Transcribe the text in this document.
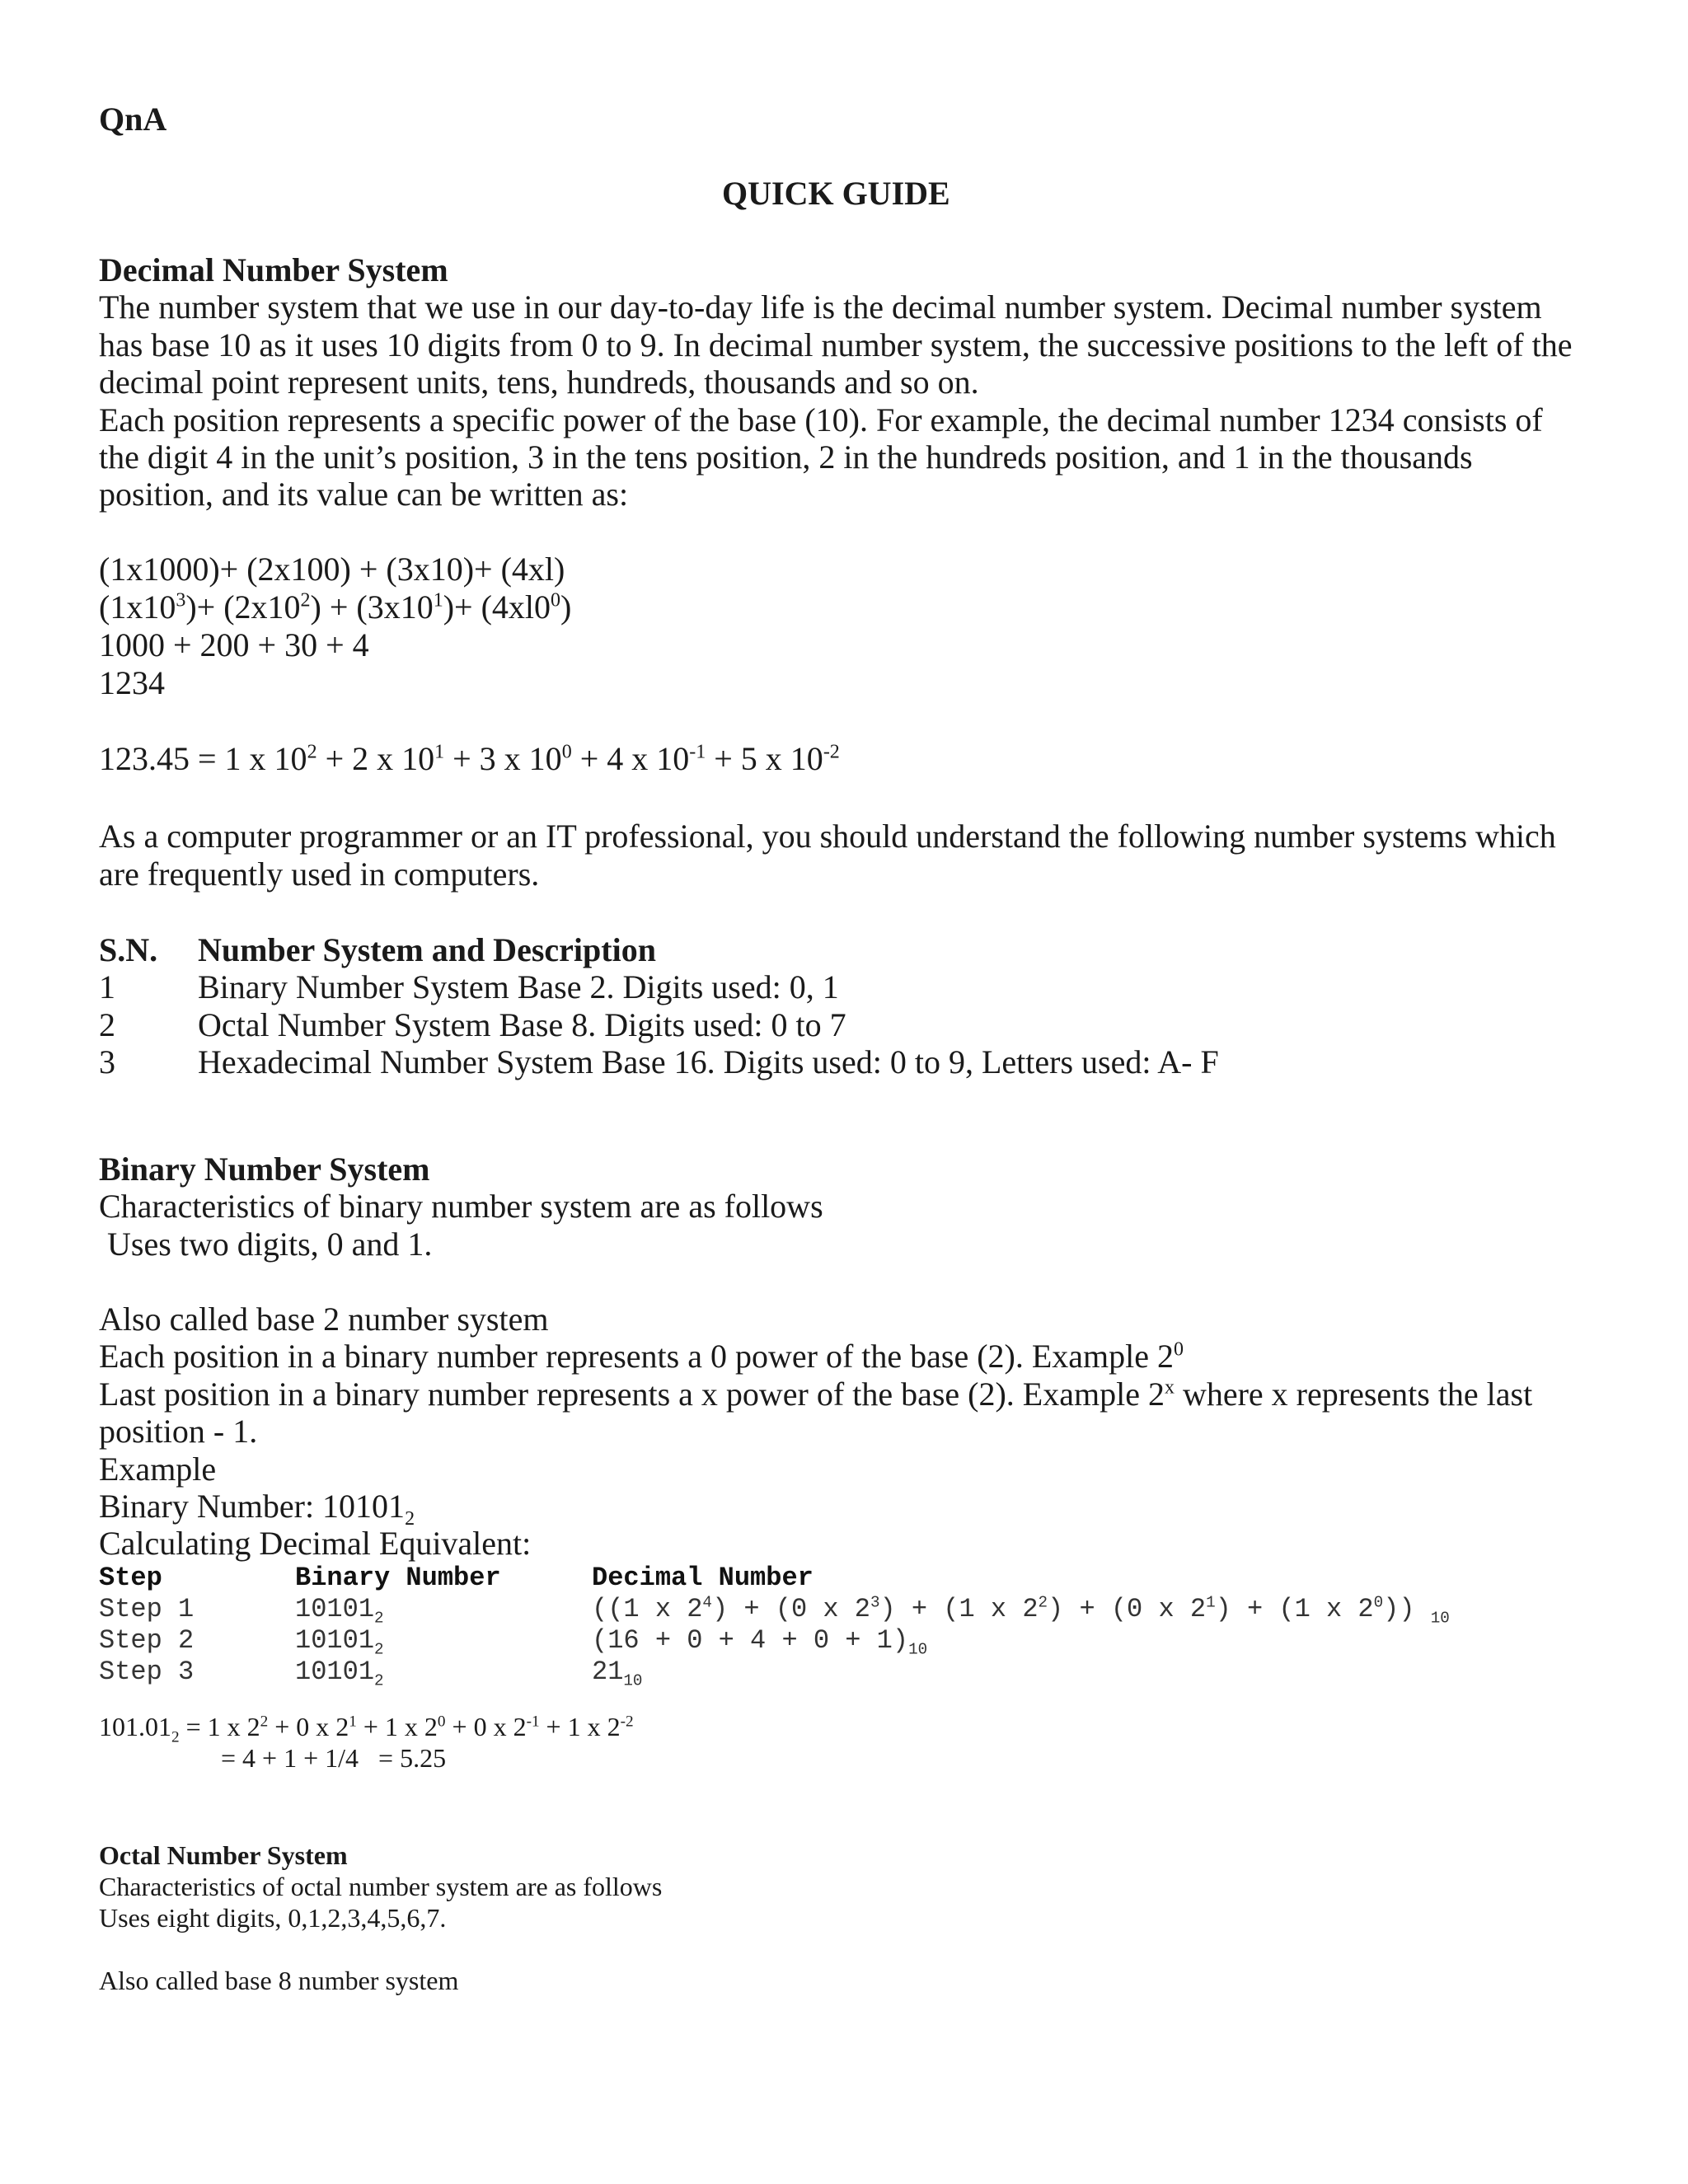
QnA
QUICK GUIDE
Decimal Number System
The number system that we use in our day-to-day life is the decimal number system. Decimal number system
has base 10 as it uses 10 digits from 0 to 9. In decimal number system, the successive positions to the left of the
decimal point represent units, tens, hundreds, thousands and so on.
Each position represents a specific power of the base (10). For example, the decimal number 1234 consists of
the digit 4 in the unit’s position, 3 in the tens position, 2 in the hundreds position, and 1 in the thousands
position, and its value can be written as:
(1x1000)+ (2x100) + (3x10)+ (4xl)
$(1x10^3)+ (2x10^2) + (3x10^1)+ (4xl0^0)$
1000 + 200 + 30 + 4
1234
123.45 = 1 x $10^2 + 2$ x $10^1 + 3$ x $10^0 + 4$ x $10^{-1} + 5$ x $10^{-2}$
As a computer programmer or an IT professional, you should understand the following number systems which
are frequently used in computers.
S.N. Number System and Description
1	Binary Number System Base 2. Digits used: 0, 1
2	Octal Number System Base 8. Digits used: 0 to 7
3	Hexadecimal Number System Base 16. Digits used: 0 to 9, Letters used: A- F
Binary Number System
Characteristics of binary number system are as follows
Uses two digits, 0 and 1.
Also called base 2 number system
Each position in a binary number represents a 0 power of the base (2). Example $2^0$
Last position in a binary number represents a x power of the base (2). Example 2$^x$ where x represents the last
position - 1.
Example
Binary Number: $10101_2$
Calculating Decimal Equivalent:
Step	Binary Number	Decimal Number
Step 1	$10101_2$	((1 x $2^4) + (0$ x $2^3) + (1$ x $2^2) + (0$ x $2^1) + (1$ x $2^0$)) $_{10}$
Step 2	$10101_2$	$(16 + 0 + 4 + 0 + 1)_{10}$
Step 3	$10101_2$	$21_{10}$
$101.01_2 = 1$ x $2^2 + 0$ x $2^1 + 1$ x $2^0 + 0$ x $2^{-1} + 1$ x $2^{-2}$
= 4 + 1 + 1/4   = 5.25
Octal Number System
Characteristics of octal number system are as follows
Uses eight digits, 0,1,2,3,4,5,6,7.
Also called base 8 number system
